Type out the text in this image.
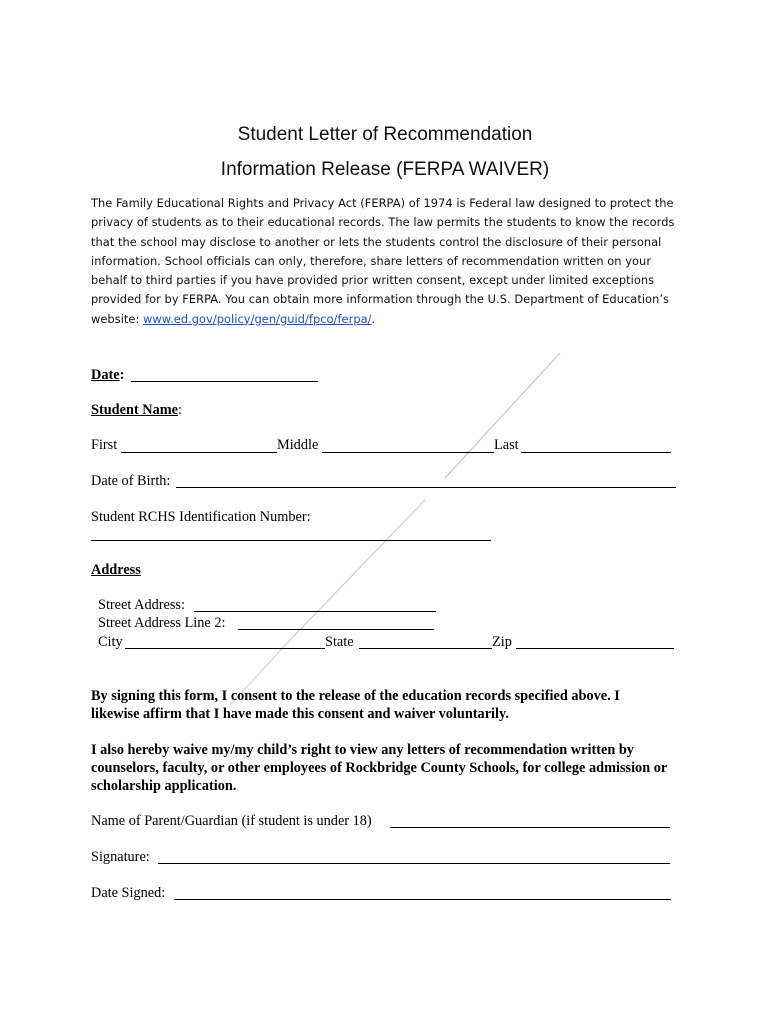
Student Letter of Recommendation
Information Release (FERPA WAIVER)
The Family Educational Rights and Privacy Act (FERPA) of 1974 is Federal law designed to protect the privacy of students as to their educational records. The law permits the students to know the records that the school may disclose to another or lets the students control the disclosure of their personal information. School officials can only, therefore, share letters of recommendation written on your behalf to third parties if you have provided prior written consent, except under limited exceptions provided for by FERPA. You can obtain more information through the U.S. Department of Education’s website: www.ed.gov/policy/gen/guid/fpco/ferpa/.
Date:
Student Name:
First	Middle	Last
Date of Birth:
Student RCHS Identification Number:
Address
Street Address:
Street Address Line 2:
City	State	Zip
By signing this form, I consent to the release of the education records specified above. I likewise affirm that I have made this consent and waiver voluntarily.
I also hereby waive my/my child’s right to view any letters of recommendation written by counselors, faculty, or other employees of Rockbridge County Schools, for college admission or scholarship application.
Name of Parent/Guardian (if student is under 18)
Signature:
Date Signed:
